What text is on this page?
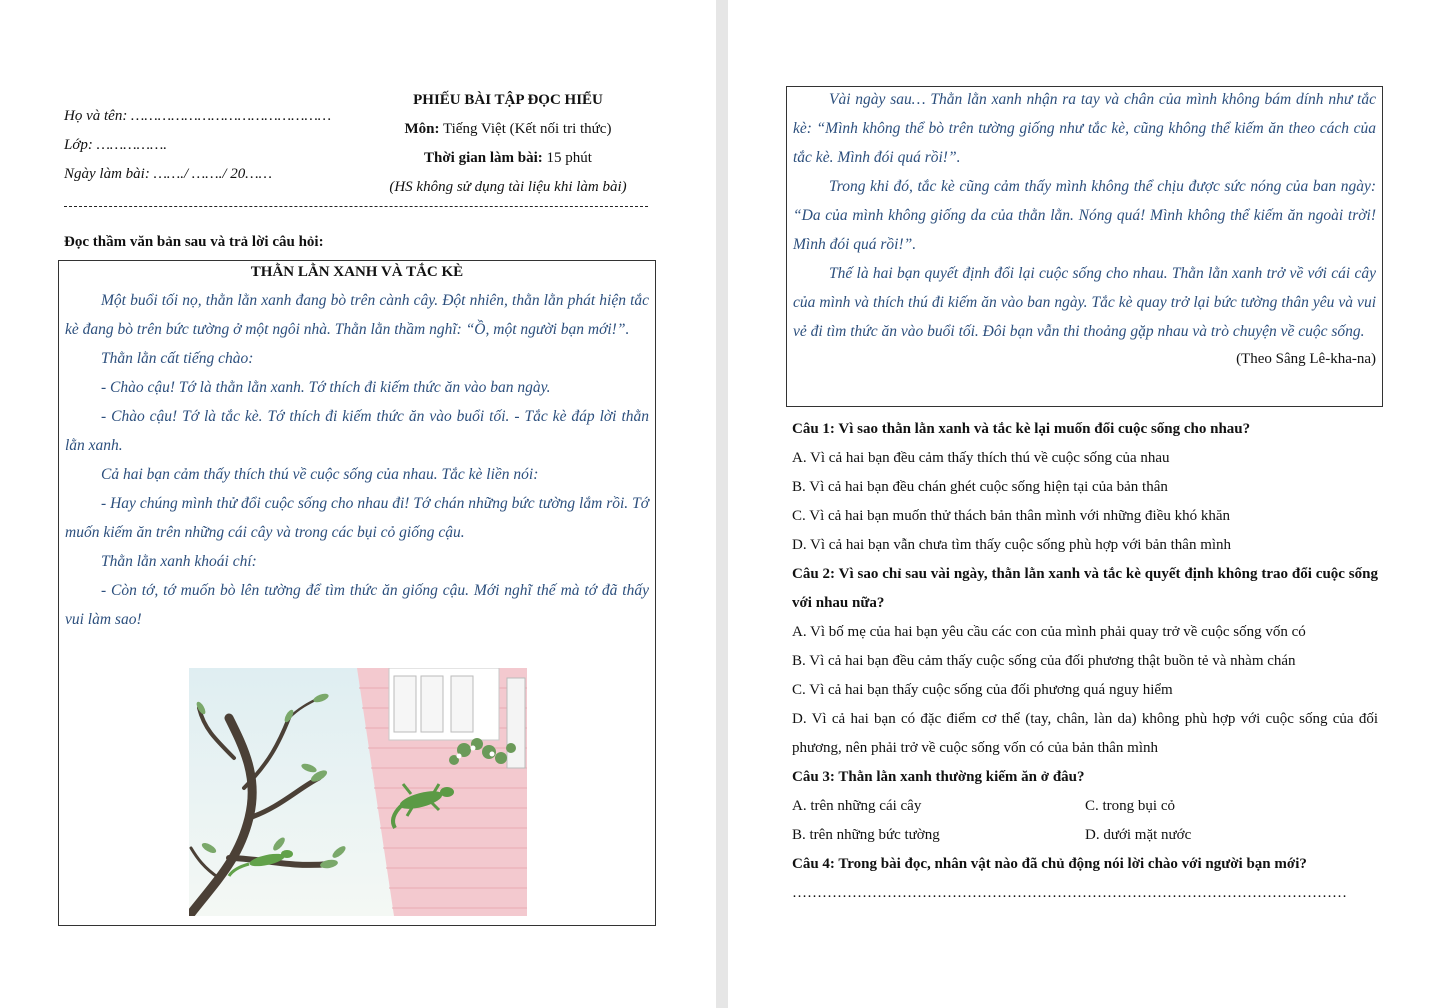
Họ và tên: ………………………………………
Lớp: …………….
Ngày làm bài: ……./ ……./ 20……
PHIẾU BÀI TẬP ĐỌC HIỂU
Môn: Tiếng Việt (Kết nối tri thức)
Thời gian làm bài: 15 phút
(HS không sử dụng tài liệu khi làm bài)
Đọc thầm văn bản sau và trả lời câu hỏi:
THẰN LẰN XANH VÀ TẮC KÈ

Một buổi tối nọ, thằn lằn xanh đang bò trên cành cây. Đột nhiên, thằn lằn phát hiện tắc kè đang bò trên bức tường ở một ngôi nhà. Thằn lằn thầm nghĩ: “Ồ, một người bạn mới!”.

Thằn lằn cất tiếng chào:

- Chào cậu! Tớ là thằn lằn xanh. Tớ thích đi kiếm thức ăn vào ban ngày.

- Chào cậu! Tớ là tắc kè. Tớ thích đi kiếm thức ăn vào buổi tối. - Tắc kè đáp lời thằn lằn xanh.

Cả hai bạn cảm thấy thích thú về cuộc sống của nhau. Tắc kè liền nói:

- Hay chúng mình thử đổi cuộc sống cho nhau đi! Tớ chán những bức tường lắm rồi. Tớ muốn kiếm ăn trên những cái cây và trong các bụi cỏ giống cậu.

Thằn lằn xanh khoái chí:

- Còn tớ, tớ muốn bò lên tường để tìm thức ăn giống cậu. Mới nghĩ thế mà tớ đã thấy vui làm sao!

Vài ngày sau… Thằn lằn xanh nhận ra tay và chân của mình không bám dính như tắc kè: “Mình không thể bò trên tường giống như tắc kè, cũng không thể kiếm ăn theo cách của tắc kè. Mình đói quá rồi!”.

Trong khi đó, tắc kè cũng cảm thấy mình không thể chịu được sức nóng của ban ngày: “Da của mình không giống da của thằn lằn. Nóng quá! Mình không thể kiếm ăn ngoài trời! Mình đói quá rồi!”.

Thế là hai bạn quyết định đổi lại cuộc sống cho nhau. Thằn lằn xanh trở về với cái cây của mình và thích thú đi kiếm ăn vào ban ngày. Tắc kè quay trở lại bức tường thân yêu và vui vẻ đi tìm thức ăn vào buổi tối. Đôi bạn vẫn thi thoảng gặp nhau và trò chuyện về cuộc sống.

(Theo Sâng Lê-kha-na)
Câu 1: Vì sao thằn lằn xanh và tắc kè lại muốn đổi cuộc sống cho nhau?
A. Vì cả hai bạn đều cảm thấy thích thú về cuộc sống của nhau
B. Vì cả hai bạn đều chán ghét cuộc sống hiện tại của bản thân
C. Vì cả hai bạn muốn thử thách bản thân mình với những điều khó khăn
D. Vì cả hai bạn vẫn chưa tìm thấy cuộc sống phù hợp với bản thân mình
Câu 2: Vì sao chỉ sau vài ngày, thằn lằn xanh và tắc kè quyết định không trao đổi cuộc sống với nhau nữa?
A. Vì bố mẹ của hai bạn yêu cầu các con của mình phải quay trở về cuộc sống vốn có
B. Vì cả hai bạn đều cảm thấy cuộc sống của đối phương thật buồn tẻ và nhàm chán
C. Vì cả hai bạn thấy cuộc sống của đối phương quá nguy hiểm
D. Vì cả hai bạn có đặc điểm cơ thể (tay, chân, làn da) không phù hợp với cuộc sống của đối phương, nên phải trở về cuộc sống vốn có của bản thân mình
Câu 3: Thằn lằn xanh thường kiếm ăn ở đâu?
A. trên những cái cây	C. trong bụi cỏ
B. trên những bức tường	D. dưới mặt nước
Câu 4: Trong bài đọc, nhân vật nào đã chủ động nói lời chào với người bạn mới?
…………………………………………………………………………………………………
